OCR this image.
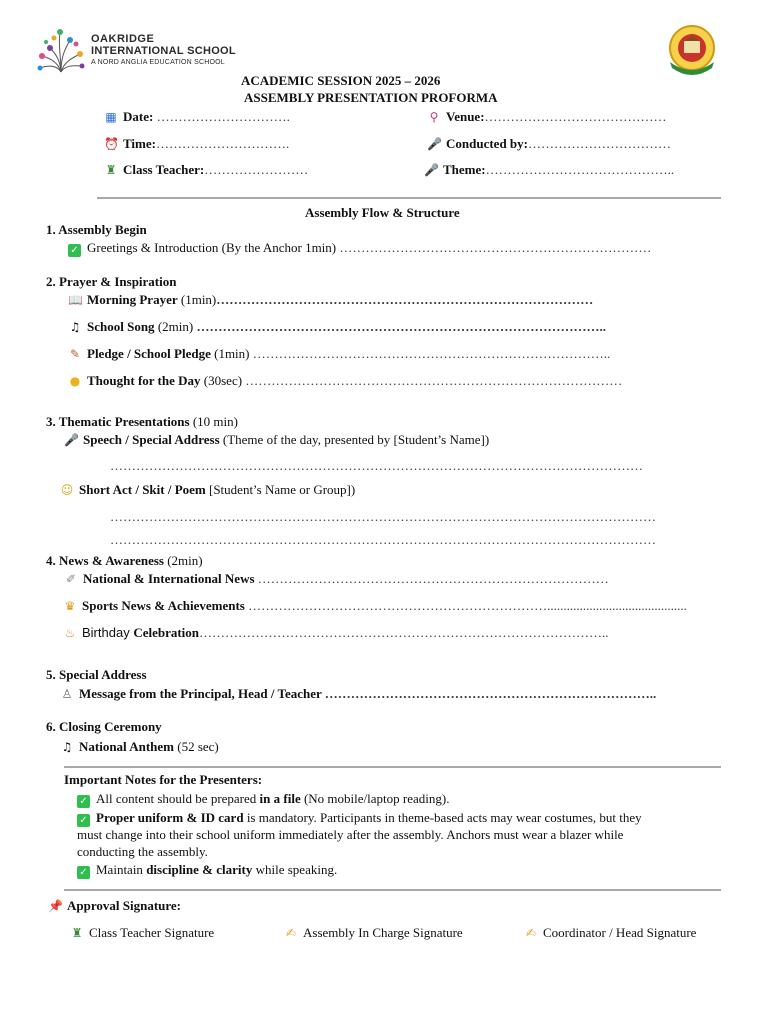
OAKRIDGE
INTERNATIONAL SCHOOL
A NORD ANGLIA EDUCATION SCHOOL
ACADEMIC SESSION 2025 – 2026
ASSEMBLY PRESENTATION PROFORMA
▦ Date: ………………………….	⚲ Venue:……………………………………
⏰ Time:………………………….	🎤 Conducted by:……………………………
♜ Class Teacher:……………………	🎤 Theme:……………………………………..
Assembly Flow & Structure
1. Assembly Begin
✓ Greetings & Introduction (By the Anchor 1min) ………………………………………………………………
2. Prayer & Inspiration
📖 Morning Prayer (1min)……………………………………………………………………………
♫ School Song (2min) …………………………………………………………………………………..
✎ Pledge / School Pledge (1min) ………………………………………………………………………..
● Thought for the Day (30sec) ……………………………………………………………………………
3. Thematic Presentations (10 min)
🎤 Speech / Special Address (Theme of the day, presented by [Student’s Name])
……………………………………………………………………………………………………………
☺ Short Act / Skit / Poem [Student’s Name or Group])
………………………………………………………………………………………………………………
………………………………………………………………………………………………………………
4. News & Awareness (2min)
✐ National & International News ………………………………………………………………………
♛ Sports News & Achievements ……………………………………………………………...........................................
♨ Birthday Celebration…………………………………………………………………………………..
5. Special Address
♙ Message from the Principal, Head / Teacher …………………………………………………………………..
6. Closing Ceremony
♫ National Anthem (52 sec)
Important Notes for the Presenters:
✓ All content should be prepared in a file (No mobile/laptop reading).
✓ Proper uniform & ID card is mandatory. Participants in theme-based acts may wear costumes, but they
must change into their school uniform immediately after the assembly. Anchors must wear a blazer while
conducting the assembly.
✓ Maintain discipline & clarity while speaking.
📌 Approval Signature:
♜ Class Teacher Signature	✍ Assembly In Charge Signature	✍ Coordinator / Head Signature
